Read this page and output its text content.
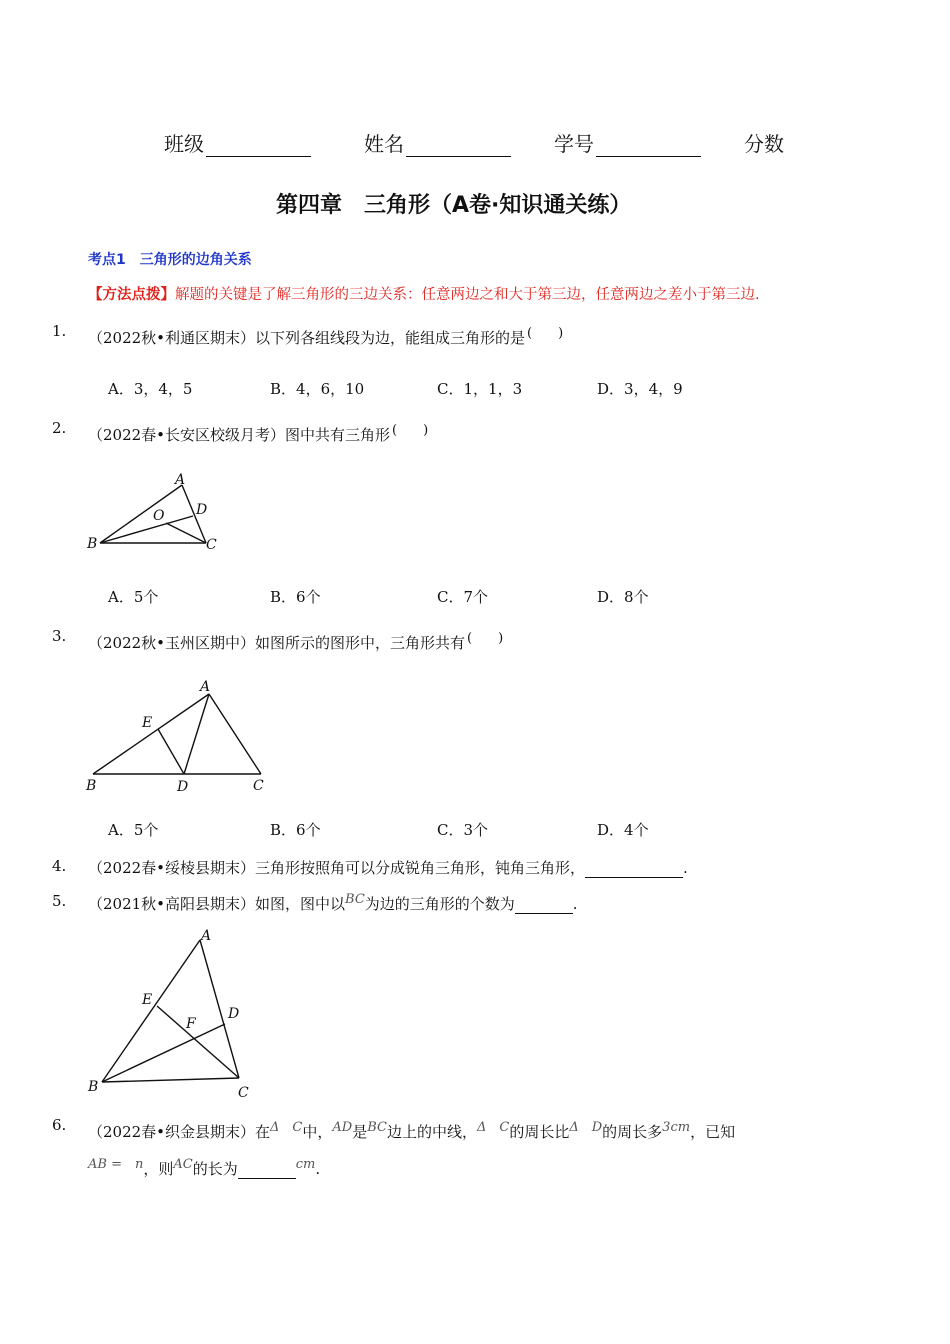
班级	姓名	学号	分数
第四章　三角形（A卷·知识通关练）
考点1　三角形的边角关系
【方法点拨】解题的关键是了解三角形的三边关系：任意两边之和大于第三边，任意两边之差小于第三边.
1. （2022秋•利通区期末）以下列各组线段为边，能组成三角形的是 (　　)
A．3，4，5	B．4，6，10	C．1，1，3	D．3，4，9
2. （2022春•长安区校级月考）图中共有三角形 (　　)
A
B	C
D
O
A．5个	B．6个	C．7个	D．8个
3. （2022秋•玉州区期中）如图所示的图形中，三角形共有 (　　)
A
B	C
D
E
A．5个	B．6个	C．3个	D．4个
4. （2022春•绥棱县期末）三角形按照角可以分成锐角三角形，钝角三角形，	.
5. （2021秋•高阳县期末）如图，图中以BC为边的三角形的个数为	.
A
B	C
D
E
F
6. （2022春•织金县期末）在Δ　C中，AD是BC边上的中线，Δ　C的周长比Δ　D的周长多3cm，已知
AB =　n，则AC的长为	cm.
